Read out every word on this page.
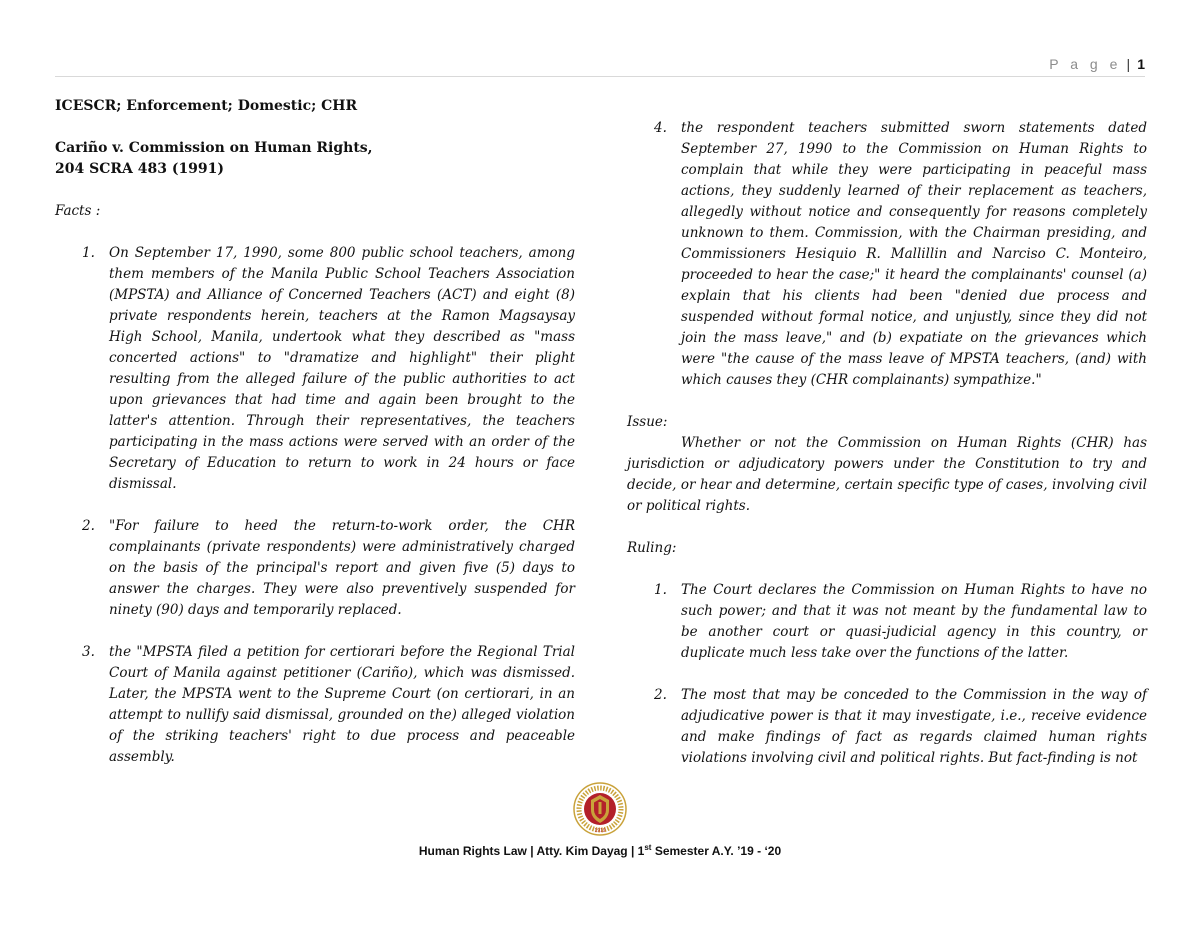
P a g e | 1

ICESCR; Enforcement; Domestic; CHR

Cariño v. Commission on Human Rights,

204 SCRA 483 (1991)

Facts :

1. On September 17, 1990, some 800 public school teachers, among them members of the Manila Public School Teachers Association (MPSTA) and Alliance of Concerned Teachers (ACT) and eight (8) private respondents herein, teachers at the Ramon Magsaysay High School, Manila, undertook what they described as "mass concerted actions" to "dramatize and highlight" their plight resulting from the alleged failure of the public authorities to act upon grievances that had time and again been brought to the latter's attention. Through their representatives, the teachers participating in the mass actions were served with an order of the Secretary of Education to return to work in 24 hours or face dismissal.
2. "For failure to heed the return-to-work order, the CHR complainants (private respondents) were administratively charged on the basis of the principal's report and given five (5) days to answer the charges. They were also preventively suspended for ninety (90) days and temporarily replaced.
3. the "MPSTA filed a petition for certiorari before the Regional Trial Court of Manila against petitioner (Cariño), which was dismissed. Later, the MPSTA went to the Supreme Court (on certiorari, in an attempt to nullify said dismissal, grounded on the) alleged violation of the striking teachers' right to due process and peaceable assembly.
4. the respondent teachers submitted sworn statements dated September 27, 1990 to the Commission on Human Rights to complain that while they were participating in peaceful mass actions, they suddenly learned of their replacement as teachers, allegedly without notice and consequently for reasons completely unknown to them. Commission, with the Chairman presiding, and Commissioners Hesiquio R. Mallillin and Narciso C. Monteiro, proceeded to hear the case;" it heard the complainants' counsel (a) explain that his clients had been "denied due process and suspended without formal notice, and unjustly, since they did not join the mass leave," and (b) expatiate on the grievances which were "the cause of the mass leave of MPSTA teachers, (and) with which causes they (CHR complainants) sympathize."

Issue:

Whether or not the Commission on Human Rights (CHR) has jurisdiction or adjudicatory powers under the Constitution to try and decide, or hear and determine, certain specific type of cases, involving civil or political rights.

Ruling:

1. The Court declares the Commission on Human Rights to have no such power; and that it was not meant by the fundamental law to be another court or quasi-judicial agency in this country, or duplicate much less take over the functions of the latter.
2. The most that may be conceded to the Commission in the way of adjudicative power is that it may investigate, i.e., receive evidence and make findings of fact as regards claimed human rights violations involving civil and political rights. But fact-finding is not
1919
Human Rights Law | Atty. Kim Dayag | 1st Semester A.Y. ’19 - ‘20
